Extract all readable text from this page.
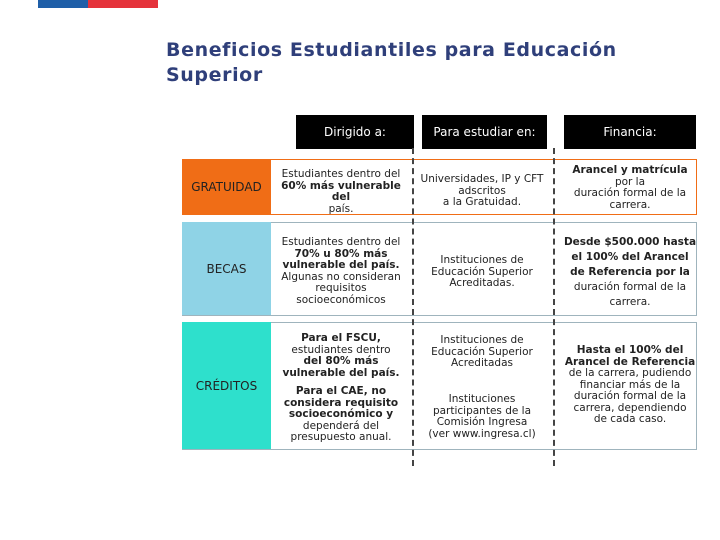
Beneficios Estudiantiles para Educación Superior
Dirigido a:	Para estudiar en:	Financia:
GRATUIDAD
BECAS
CRÉDITOS
Estudiantes dentro del
60% más vulnerable del
país.
Universidades, IP y CFT
adscritos
a la Gratuidad.
Arancel y matrícula
por la
duración formal de la
carrera.
Estudiantes dentro del
70% u 80% más
vulnerable del país.
Algunas no consideran
requisitos
socioeconómicos
Instituciones de
Educación Superior
Acreditadas.
Desde $500.000 hasta
el 100% del Arancel
de Referencia por la
duración formal de la
carrera.
Para el FSCU,
estudiantes dentro
del 80% más
vulnerable del país.
Para el CAE, no
considera requisito
socioeconómico y
dependerá del
presupuesto anual.
Instituciones de
Educación Superior
Acreditadas
Instituciones
participantes de la
Comisión Ingresa
(ver www.ingresa.cl)
Hasta el 100% del
Arancel de Referencia
de la carrera, pudiendo
financiar más de la
duración formal de la
carrera, dependiendo
de cada caso.
